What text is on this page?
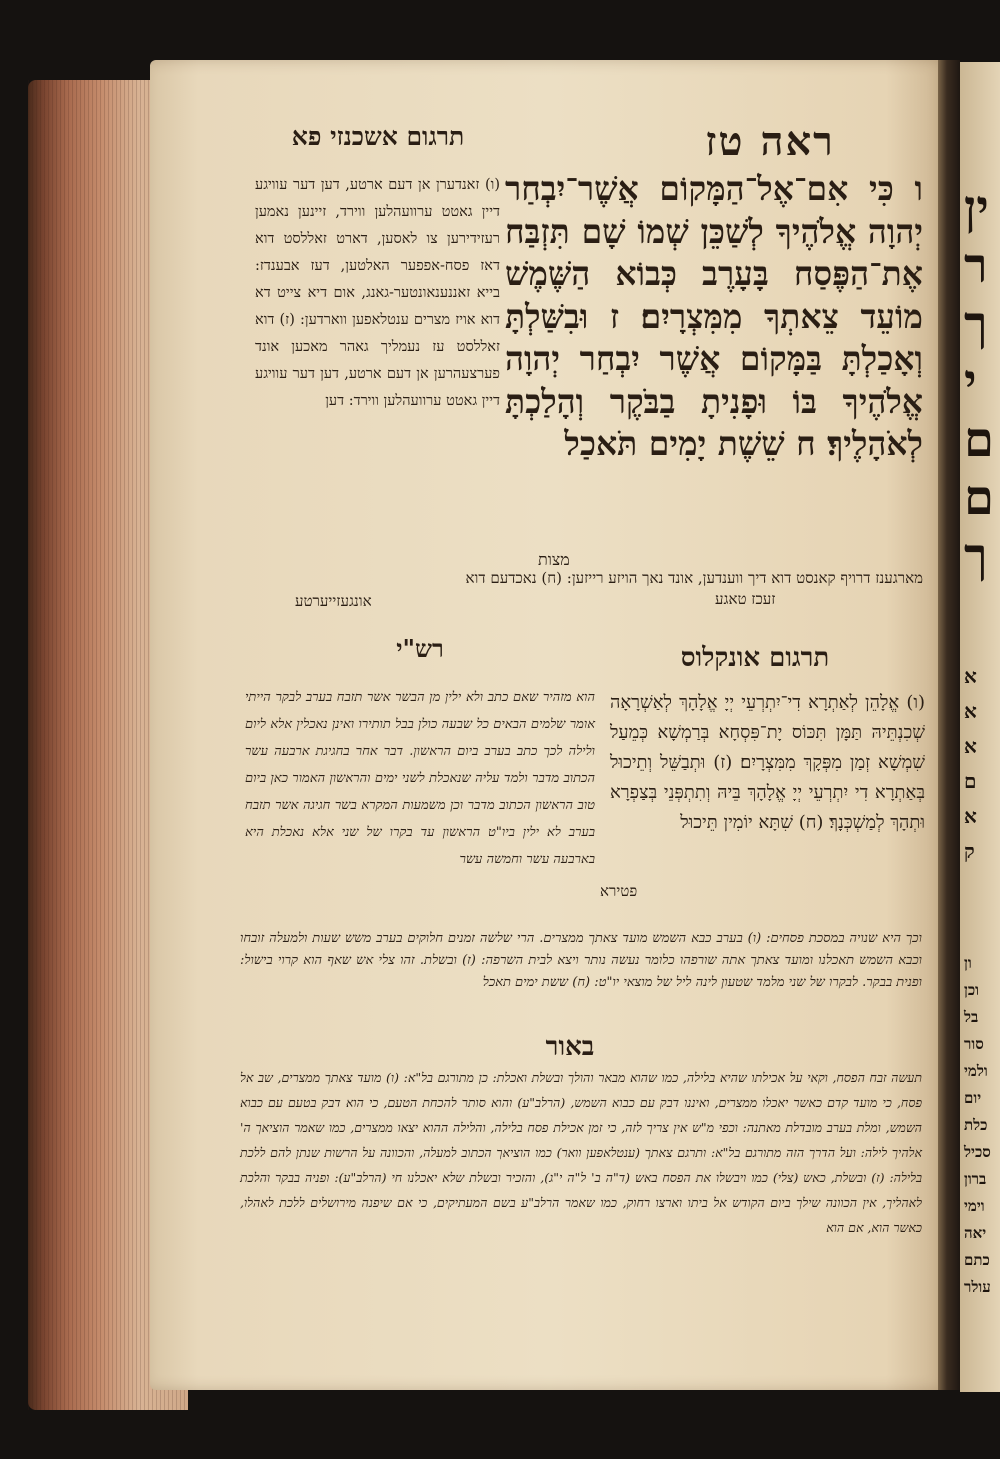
ין
ר
ך
י
ם
ם
ך
א
א
א
ם
א
ק
ון
וכן
בל
סור
ולמי
יום
כלת
סכיל
ברון
וימי
יאה
כתם
עולר
ראה טז
תרגום אשכנזי פא
ו כִּי אִם־אֶל־הַמָּקוֹם אֲשֶׁר־יִבְחַר יְהוָה אֱלֹהֶיךָ לְשַׁכֵּן שְׁמוֹ שָׁם תִּזְבַּח אֶת־הַפֶּסַח בָּעָרֶב כְּבוֹא הַשֶּׁמֶשׁ מוֹעֵד צֵאתְךָ מִמִּצְרָיִם׃ ז וּבִשַּׁלְתָּ וְאָכַלְתָּ בַּמָּקוֹם אֲשֶׁר יִבְחַר יְהוָה אֱלֹהֶיךָ בּוֹ וּפָנִיתָ בַבֹּקֶר וְהָלַכְתָּ לְאֹהָלֶיךָ׃ ח שֵׁשֶׁת יָמִים תֹּאכַל
(ו) זאנדערן אן דעם ארטע, דען דער עוויגע דיין גאטט ערוועהלען ווירד, זיינען נאמען רעזידירען צו לאסען, דארט זאללסט דוא דאז פסח-אפפער האלטען, דעז אבענדז: בייא זאננענאונטער-גאנג, אום דיא צייט דא דוא אויז מצרים ענטלאפען ווארדען: (ז) דוא זאללסט עז נעמליך גאהר מאכען אונד פערצעהרען אן דעם ארטע, דען דער עוויגע דיין גאטט ערוועהלען ווירד: דען
מצות
מארגענז דרויף קאנסט דוא דיך ווענדען, אונד נאך הויזע רייזען: (ח) נאכדעם דוא
זעכז טאגע
אונגעזייערטע
תרגום אונקלוס
(ו) אֱלָהֵן לְאַתְרָא דִי־יִתְרְעֵי יְיָ אֱלָהָךְ לְאַשְׁרָאָה שְׁכִנְתֵּיהּ תַּמָּן תִּכּוֹס יָת־פִּסְחָא בְּרַמְשָׁא כְּמֵעַל שִׁמְשָׁא זְמַן מִפְּקָךְ מִמִּצְרָיִם׃ (ז) וּתְבַשֵּׁל וְתֵיכוּל בְּאַתְרָא דִי יִתְרְעֵי יְיָ אֱלָהָךְ בֵּיהּ וְתִתְפְּנֵי בְּצַפְרָא וּתְהָךְ לְמַשְׁכְּנָךְ׃ (ח) שִׁתָּא יוֹמִין תֵּיכוּל
פטירא
רש"י
הוא מזהיר שאם כתב ולא ילין מן הבשר אשר תזבח בערב לבקר הייתי אומר שלמים הבאים כל שבעה כולן בבל תותירו ואינן נאכלין אלא ליום ולילה לכך כתב בערב ביום הראשון. דבר אחר בחגיגת ארבעה עשר הכתוב מדבר ולמד עליה שנאכלת לשני ימים והראשון האמור כאן ביום טוב הראשון הכתוב מדבר וכן משמעות המקרא בשר חגיגה אשר תזבח בערב לא ילין ביו"ט הראשון עד בקרו של שני אלא נאכלת היא בארבעה עשר וחמשה עשר
וכך היא שנויה במסכת פסחים: (ו) בערב כבא השמש מועד צאתך ממצרים. הרי שלשה זמנים חלוקים בערב משש שעות ולמעלה זובחו וכבא השמש תאכלנו ומועד צאתך אתה שורפהו כלומר נעשה נותר ויצא לבית השרפה: (ז) ובשלת. זהו צלי אש שאף הוא קרוי בישול: ופנית בבקר. לבקרו של שני מלמד שטעון לינה ליל של מוצאי יו"ט: (ח) ששת ימים תאכל
באור
תעשה זבח הפסח, וקאי על אכילתו שהיא בלילה, כמו שהוא מבאר והולך ובשלת ואכלת: כן מתורגם בל"א: (ו) מועד צאתך ממצרים, שב אל פסח, כי מועד קדם כאשר יאכלו ממצרים, ואיננו דבק עם כבוא השמש, (הרלב"ע) והוא סותר להכחת הטעם, כי הוא דבק בטעם עם כבוא השמש, ומלת בערב מובדלת מאתנה: וכפי מ"ש אין צריך לזה, כי זמן אכילת פסח בלילה, והלילה ההוא יצאו ממצרים, כמו שאמר הוציאך ה' אלהיך לילה: ועל הדרך הזה מתורגם בל"א: ותרגם צאתך (ענטלאפען וואר) כמו הוציאך הכתוב למעלה, והכוונה על הרשות שנתן להם ללכת בלילה: (ז) ובשלת, כאש (צלי) כמו ויבשלו את הפסח באש (ד"ה ב' ל"ה י"ג), והזכיר ובשלת שלא יאכלנו חי (הרלב"ע): ופניה בבקר והלכת לאהליך, אין הכוונה שילך ביום הקודש אל ביתו וארצו רחוק, כמו שאמר הרלב"ע בשם המעתיקים, כי אם שיפנה מירושלים ללכת לאהלו, כאשר הוא, אם הוא
